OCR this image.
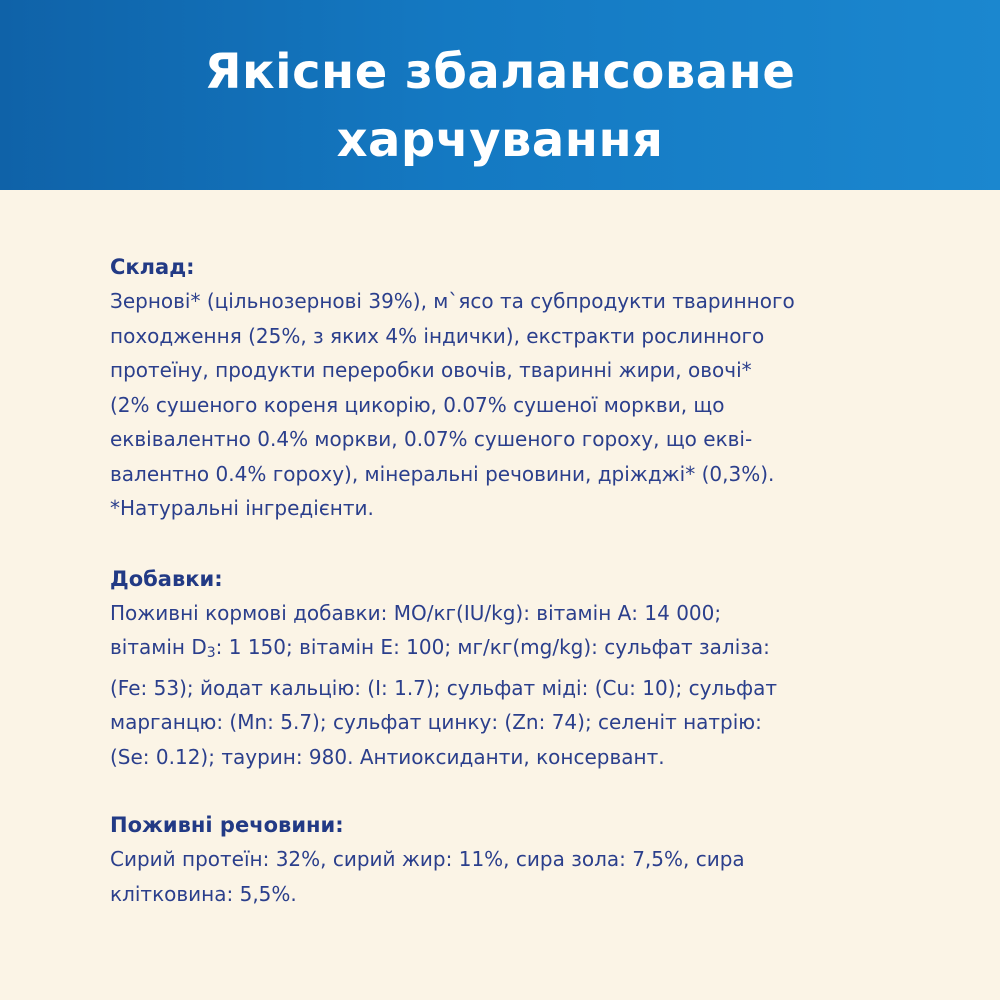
Якісне збалансоване
харчування

Склад:

Зернові* (цільнозернові 39%), м`ясо та субпродукти тваринного
походження (25%, з яких 4% індички), екстракти рослинного
протеїну, продукти переробки овочів, тваринні жири, овочі*
(2% сушеного кореня цикорію, 0.07% сушеної моркви, що
еквівалентно 0.4% моркви, 0.07% сушеного гороху, що екві-
валентно 0.4% гороху), мінеральні речовини, дріжджі* (0,3%).
*Натуральні інгредієнти.

Добавки:

Поживні кормові добавки: МО/кг(IU/kg): вітамін А: 14 000;
вітамін $D_3$: 1 150; вітамін Е: 100; мг/кг(mg/kg): сульфат заліза:
(Fe: 53); йодат кальцію: (I: 1.7); сульфат міді: (Cu: 10); сульфат
марганцю: (Mn: 5.7); сульфат цинку: (Zn: 74); селеніт натрію:
(Se: 0.12); таурин: 980. Антиоксиданти, консервант.

Поживні речовини:

Сирий протеїн: 32%, сирий жир: 11%, сира зола: 7,5%, сира
клітковина: 5,5%.
